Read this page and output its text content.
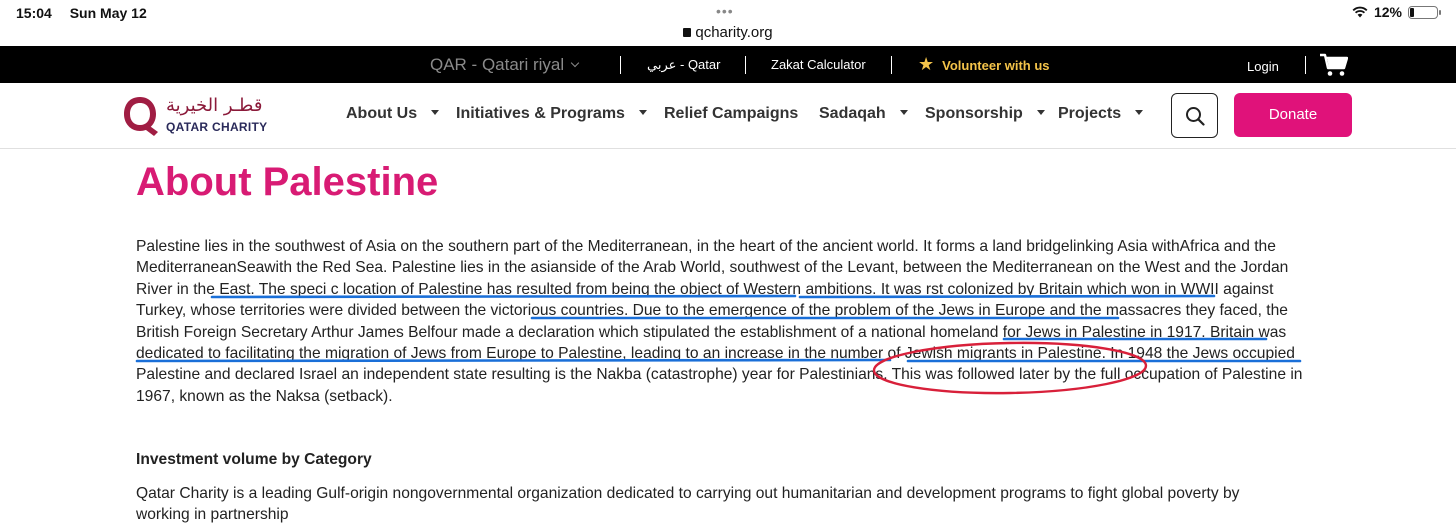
15:04 Sun May 12	•••
qcharity.org
12%
QAR - Qatari riyal	عربي - Qatar	Zakat Calculator	★ Volunteer with us	Login
قطـر الخيرية
QATAR CHARITY
About Us	Initiatives & Programs	Relief Campaigns Sadaqah	Sponsorship	Projects	Donate
About Palestine

Palestine lies in the southwest of Asia on the southern part of the Mediterranean, in the heart of the ancient world. It forms a land bridgelinking Asia withAfrica and the MediterraneanSeawith the Red Sea. Palestine lies in the asianside of the Arab World, southwest of the Levant, between the Mediterranean on the West and the Jordan River in the East. The speci c location of Palestine has resulted from being the object of Western ambitions. It was rst colonized by Britain which won in WWII against Turkey, whose territories were divided between the victorious countries. Due to the emergence of the problem of the Jews in Europe and the massacres they faced, the British Foreign Secretary Arthur James Belfour made a declaration which stipulated the establishment of a national homeland for Jews in Palestine in 1917. Britain was dedicated to facilitating the migration of Jews from Europe to Palestine, leading to an increase in the number of Jewish migrants in Palestine. In 1948 the Jews occupied Palestine and declared Israel an independent state resulting is the Nakba (catastrophe) year for Palestinians. This was followed later by the full occupation of Palestine in 1967, known as the Naksa (setback).

Investment volume by Category

Qatar Charity is a leading Gulf-origin nongovernmental organization dedicated to carrying out humanitarian and development programs to fight global poverty by working in partnership
